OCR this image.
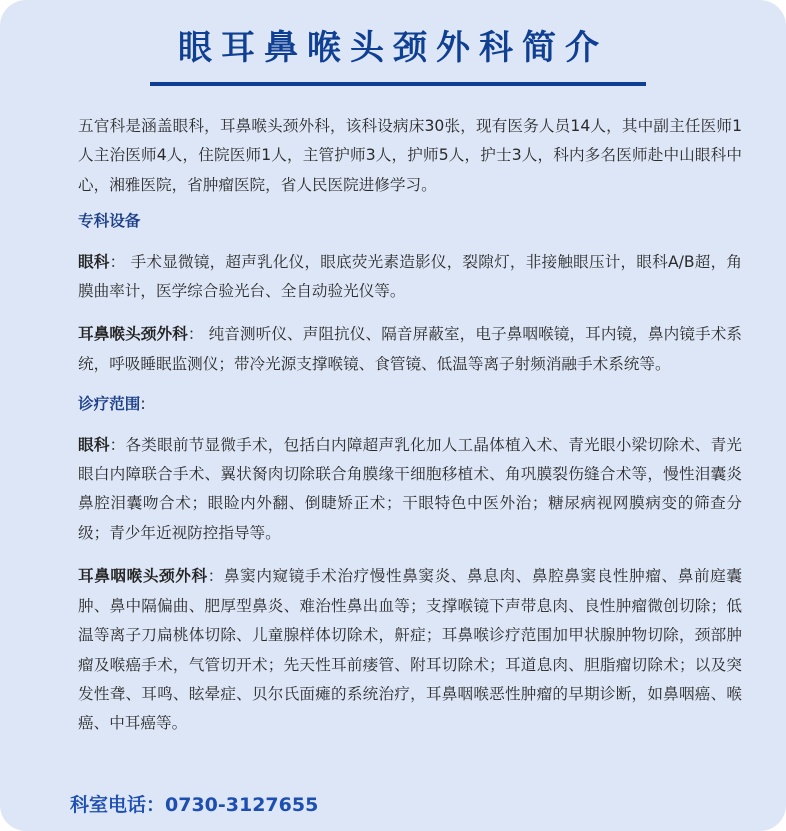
眼耳鼻喉头颈外科简介

五官科是涵盖眼科，耳鼻喉头颈外科，该科设病床30张，现有医务人员14人，其中副主任医师1人主治医师4人，住院医师1人，主管护师3人，护师5人，护士3人，科内多名医师赴中山眼科中心，湘雅医院，省肿瘤医院，省人民医院进修学习。

专科设备

眼科： 手术显微镜，超声乳化仪，眼底荧光素造影仪，裂隙灯，非接触眼压计，眼科A/B超，角膜曲率计，医学综合验光台、全自动验光仪等。

耳鼻喉头颈外科： 纯音测听仪、声阻抗仪、隔音屏蔽室，电子鼻咽喉镜，耳内镜，鼻内镜手术系统，呼吸睡眠监测仪；带冷光源支撑喉镜、食管镜、低温等离子射频消融手术系统等。

诊疗范围:

眼科：各类眼前节显微手术，包括白内障超声乳化加人工晶体植入术、青光眼小梁切除术、青光眼白内障联合手术、翼状胬肉切除联合角膜缘干细胞移植术、角巩膜裂伤缝合术等，慢性泪囊炎鼻腔泪囊吻合术；眼睑内外翻、倒睫矫正术；干眼特色中医外治；糖尿病视网膜病变的筛查分级；青少年近视防控指导等。

耳鼻咽喉头颈外科：鼻窦内窥镜手术治疗慢性鼻窦炎、鼻息肉、鼻腔鼻窦良性肿瘤、鼻前庭囊肿、鼻中隔偏曲、肥厚型鼻炎、难治性鼻出血等；支撑喉镜下声带息肉、良性肿瘤微创切除；低温等离子刀扁桃体切除、儿童腺样体切除术，鼾症；耳鼻喉诊疗范围加甲状腺肿物切除，颈部肿瘤及喉癌手术，气管切开术；先天性耳前瘘管、附耳切除术；耳道息肉、胆脂瘤切除术；以及突发性聋、耳鸣、眩晕症、贝尔氏面瘫的系统治疗，耳鼻咽喉恶性肿瘤的早期诊断，如鼻咽癌、喉癌、中耳癌等。

科室电话：0730-3127655
